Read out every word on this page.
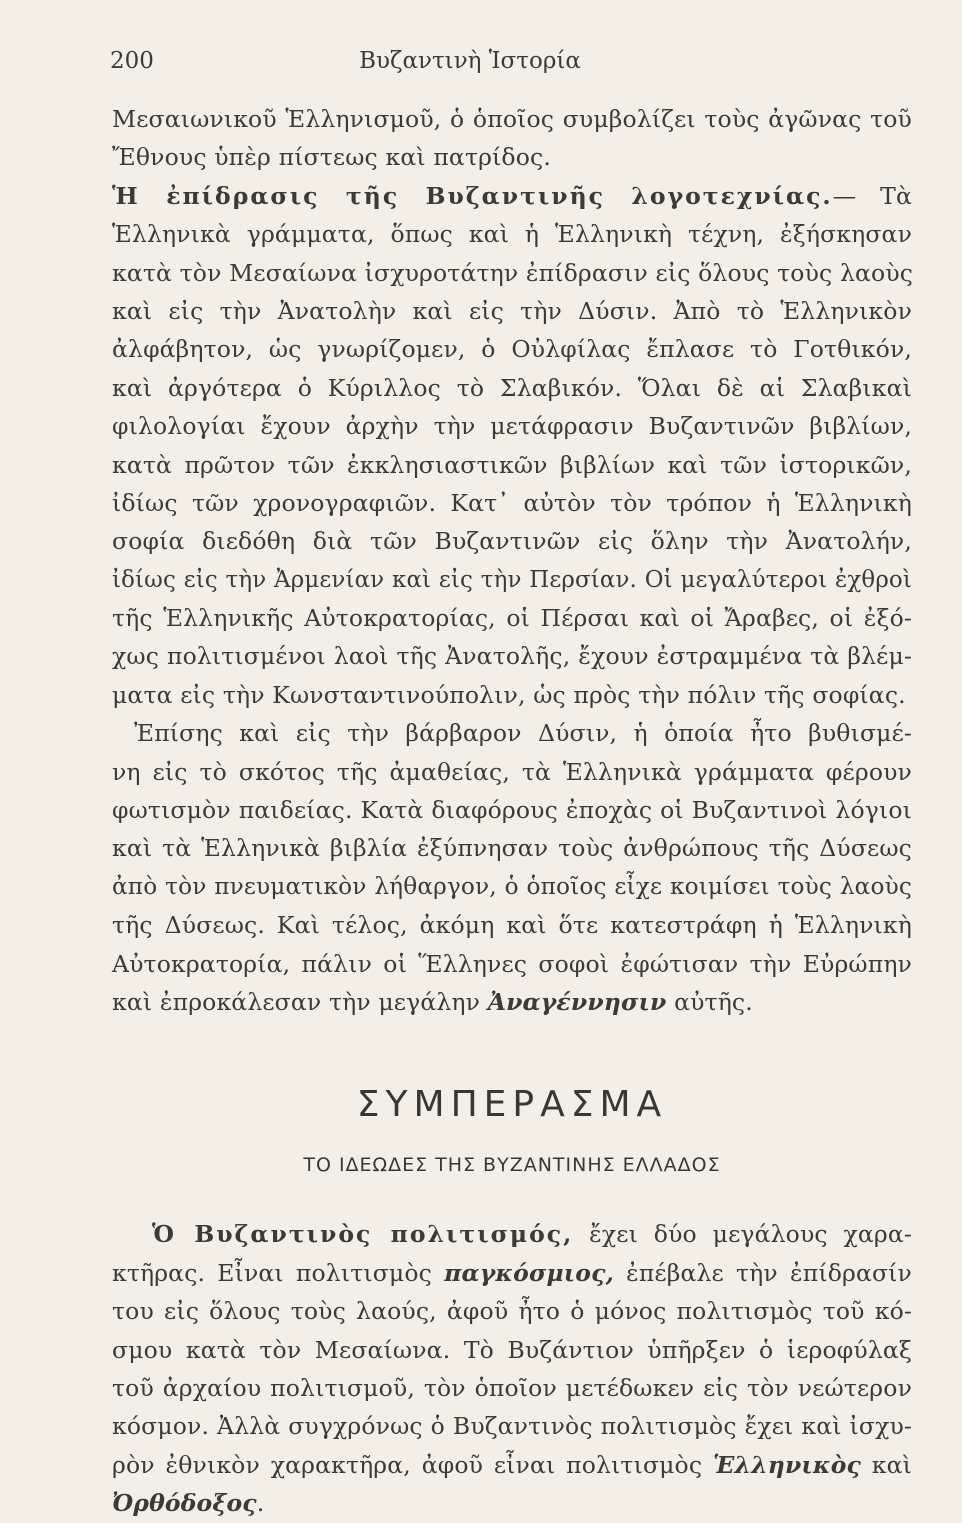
200	Βυζαντινὴ Ἱστορία
Μεσαιωνικοῦ Ἑλληνισμοῦ, ὁ ὁποῖος συμβολίζει τοὺς ἀγῶνας τοῦ
Ἔθνους ὑπὲρ πίστεως καὶ πατρίδος.
Ἡ ἐπίδρασις τῆς Βυζαντινῆς λογοτεχνίας.— Τὰ
Ἑλληνικὰ γράμματα, ὅπως καὶ ἡ Ἑλληνικὴ τέχνη, ἐξήσκησαν
κατὰ τὸν Μεσαίωνα ἰσχυροτάτην ἐπίδρασιν εἰς ὅλους τοὺς λαοὺς
καὶ εἰς τὴν Ἀνατολὴν καὶ εἰς τὴν Δύσιν. Ἀπὸ τὸ Ἑλληνικὸν
ἀλφάβητον, ὡς γνωρίζομεν, ὁ Οὐλφίλας ἔπλασε τὸ Γοτθικόν,
καὶ ἀργότερα ὁ Κύριλλος τὸ Σλαβικόν. Ὅλαι δὲ αἱ Σλαβικαὶ
φιλολογίαι ἔχουν ἀρχὴν τὴν μετάφρασιν Βυζαντινῶν βιβλίων,
κατὰ πρῶτον τῶν ἐκκλησιαστικῶν βιβλίων καὶ τῶν ἱστορικῶν,
ἰδίως τῶν χρονογραφιῶν. Κατ᾽ αὐτὸν τὸν τρόπον ἡ Ἑλληνικὴ
σοφία διεδόθη διὰ τῶν Βυζαντινῶν εἰς ὅλην τὴν Ἀνατολήν,
ἰδίως εἰς τὴν Ἀρμενίαν καὶ εἰς τὴν Περσίαν. Οἱ μεγαλύτεροι ἐχθροὶ
τῆς Ἑλληνικῆς Αὐτοκρατορίας, οἱ Πέρσαι καὶ οἱ Ἄραβες, οἱ ἐξό-
χως πολιτισμένοι λαοὶ τῆς Ἀνατολῆς, ἔχουν ἐστραμμένα τὰ βλέμ-
ματα εἰς τὴν Κωνσταντινούπολιν, ὡς πρὸς τὴν πόλιν τῆς σοφίας.
Ἐπίσης καὶ εἰς τὴν βάρβαρον Δύσιν, ἡ ὁποία ἦτο βυθισμέ-
νη εἰς τὸ σκότος τῆς ἀμαθείας, τὰ Ἑλληνικὰ γράμματα φέρουν
φωτισμὸν παιδείας. Κατὰ διαφόρους ἐποχὰς οἱ Βυζαντινοὶ λόγιοι
καὶ τὰ Ἑλληνικὰ βιβλία ἐξύπνησαν τοὺς ἀνθρώπους τῆς Δύσεως
ἀπὸ τὸν πνευματικὸν λήθαργον, ὁ ὁποῖος εἶχε κοιμίσει τοὺς λαοὺς
τῆς Δύσεως. Καὶ τέλος, ἀκόμη καὶ ὅτε κατεστράφη ἡ Ἑλληνικὴ
Αὐτοκρατορία, πάλιν οἱ Ἕλληνες σοφοὶ ἐφώτισαν τὴν Εὐρώπην
καὶ ἐπροκάλεσαν τὴν μεγάλην Ἀναγέννησιν αὐτῆς.
ΣΥΜΠΕΡΑΣΜΑ
ΤΟ ΙΔΕΩΔΕΣ ΤΗΣ ΒΥΖΑΝΤΙΝΗΣ ΕΛΛΑΔΟΣ
Ὁ Βυζαντινὸς πολιτισμός, ἔχει δύο μεγάλους χαρα-
κτῆρας. Εἶναι πολιτισμὸς παγκόσμιος, ἐπέβαλε τὴν ἐπίδρασίν
του εἰς ὅλους τοὺς λαούς, ἀφοῦ ἦτο ὁ μόνος πολιτισμὸς τοῦ κό-
σμου κατὰ τὸν Μεσαίωνα. Τὸ Βυζάντιον ὑπῆρξεν ὁ ἱεροφύλαξ
τοῦ ἀρχαίου πολιτισμοῦ, τὸν ὁποῖον μετέδωκεν εἰς τὸν νεώτερον
κόσμον. Ἀλλὰ συγχρόνως ὁ Βυζαντινὸς πολιτισμὸς ἔχει καὶ ἰσχυ-
ρὸν ἐθνικὸν χαρακτῆρα, ἀφοῦ εἶναι πολιτισμὸς Ἑλληνικὸς καὶ
Ὀρθόδοξος.
